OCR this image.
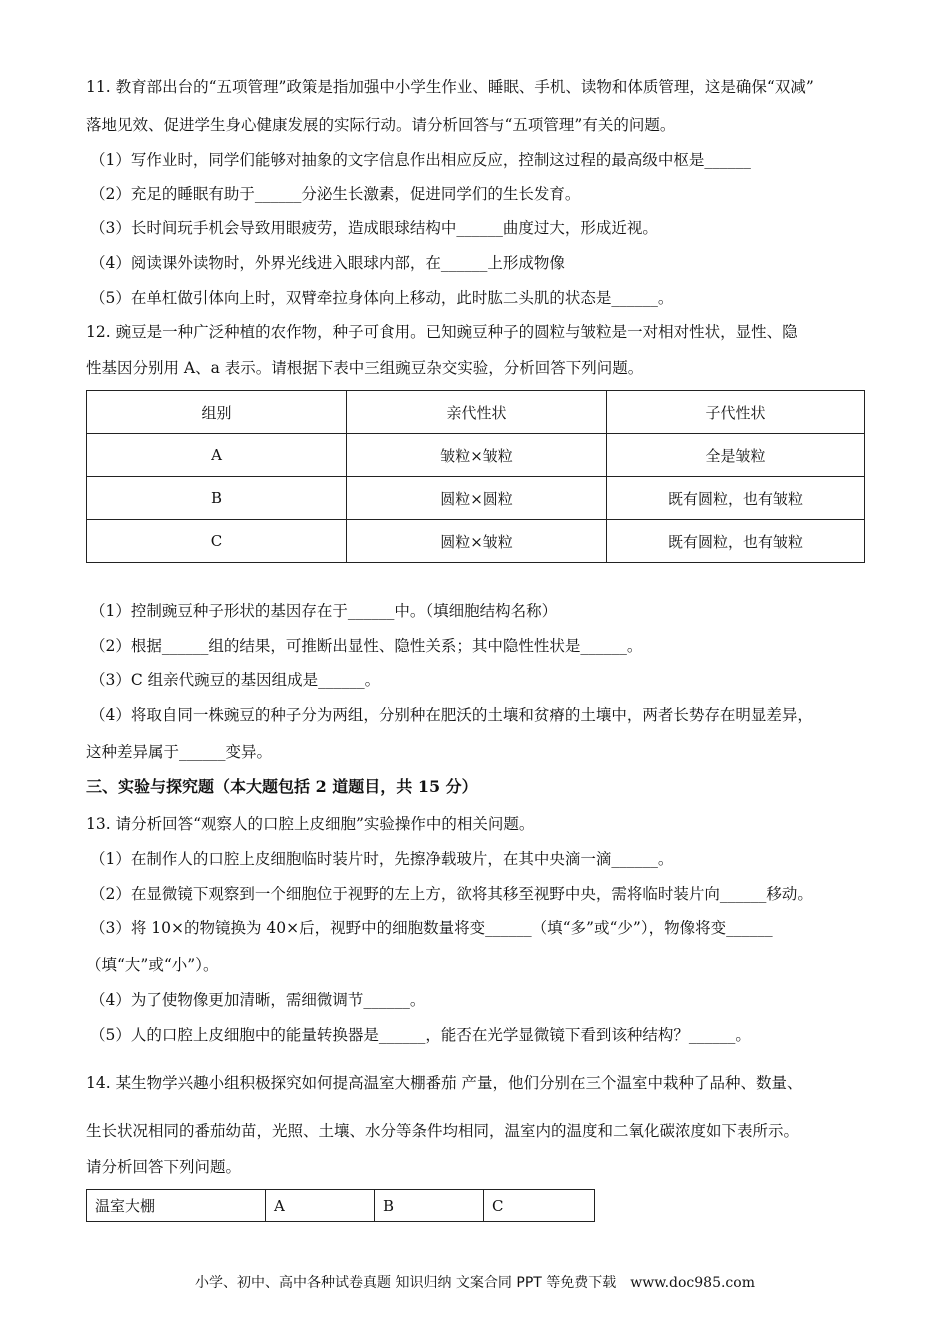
11. 教育部出台的“五项管理”政策是指加强中小学生作业、睡眠、手机、读物和体质管理，这是确保“双减”
落地见效、促进学生身心健康发展的实际行动。请分析回答与“五项管理”有关的问题。
（1）写作业时，同学们能够对抽象的文字信息作出相应反应，控制这过程的最高级中枢是______
（2）充足的睡眠有助于______分泌生长激素，促进同学们的生长发育。
（3）长时间玩手机会导致用眼疲劳，造成眼球结构中______曲度过大，形成近视。
（4）阅读课外读物时，外界光线进入眼球内部，在______上形成物像
（5）在单杠做引体向上时，双臂牵拉身体向上移动，此时肱二头肌的状态是______。
12. 豌豆是一种广泛种植的农作物，种子可食用。已知豌豆种子的圆粒与皱粒是一对相对性状，显性、隐
性基因分别用 A、a 表示。请根据下表中三组豌豆杂交实验，分析回答下列问题。
组别	亲代性状	子代性状
A	皱粒×皱粒	全是皱粒
B	圆粒×圆粒	既有圆粒，也有皱粒
C	圆粒×皱粒	既有圆粒，也有皱粒
（1）控制豌豆种子形状的基因存在于______中。（填细胞结构名称）
（2）根据______组的结果，可推断出显性、隐性关系；其中隐性性状是______。
（3）C 组亲代豌豆的基因组成是______。
（4）将取自同一株豌豆的种子分为两组，分别种在肥沃的土壤和贫瘠的土壤中，两者长势存在明显差异，
这种差异属于______变异。
三、实验与探究题（本大题包括 2 道题目，共 15 分）
13. 请分析回答“观察人的口腔上皮细胞”实验操作中的相关问题。
（1）在制作人的口腔上皮细胞临时装片时，先擦净载玻片，在其中央滴一滴______。
（2）在显微镜下观察到一个细胞位于视野的左上方，欲将其移至视野中央，需将临时装片向______移动。
（3）将 10×的物镜换为 40×后，视野中的细胞数量将变______（填“多”或“少”），物像将变______
（填“大”或“小”）。
（4）为了使物像更加清晰，需细微调节______。
（5）人的口腔上皮细胞中的能量转换器是______，能否在光学显微镜下看到该种结构？______。
14. 某生物学兴趣小组积极探究如何提高温室大棚番茄 产量，他们分别在三个温室中栽种了品种、数量、
生长状况相同的番茄幼苗，光照、土壤、水分等条件均相同，温室内的温度和二氧化碳浓度如下表所示。
请分析回答下列问题。
温室大棚	A	B	C
小学、初中、高中各种试卷真题 知识归纳 文案合同 PPT 等免费下载 www.doc985.com
